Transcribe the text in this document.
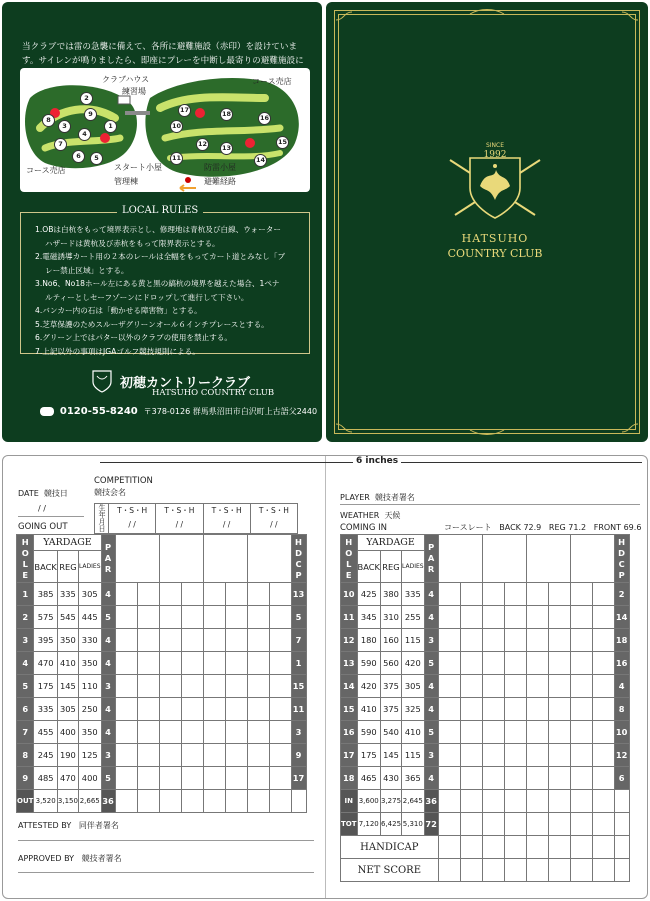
当クラブでは雷の急襲に備えて、各所に避難施設（赤印）を設けています。サイレンが鳴りましたら、即座にプレーを中断し最寄りの避難施設に
クラブハウス
練習場
コース売店
コース売店	スタート小屋
管理棟
防雷小屋
避難経路
1
2
3
4
5
6
7
8
9
10
11
12	13
14
15
16
17	18
1.OBは白杭をもって境界表示とし、修理地は青杭及び白線、ウォーター
ハザードは黄杭及び赤杭をもって限界表示とする。
2.電磁誘導カート用の２本のレールは全幅をもってカート道とみなし「ブ
レー禁止区域」とする。
3.No6、No18ホール左にある黄と黒の縞杭の境界を越えた場合、1ペナ
ルティーとしセーフゾーンにドロップして進行して下さい。
4.バンカー内の石は「動かせる障害物」とする。
5.芝草保護のためスルーザグリーンオール６インチプレースとする。
6.グリーン上ではパター以外のクラブの使用を禁止する。
7.上記以外の事項はJGAゴルフ競技規則による。
LOCAL RULES
初穂カントリークラブ
HATSUHO COUNTRY CLUB
0120-55-8240 〒378-0126 群馬県沼田市白沢町上古語父2440
SINCE
1992
HATSUHO
COUNTRY CLUB
6 inches
DATE 競技日
/ /
COMPETITION
競技会名
GOING OUT
PLAYER 競技者署名
WEATHER 天候
COMING IN	コースレート BACK 72.9 REG 71.2 FRONT 69.6
HOLE	YARDAGE			PAR									HDCP
	BACK	REG	LADIES										
1	385	335	305	4									13
2	575	545	445	5									5
3	395	350	330	4									7
4	470	410	350	4									1
5	175	145	110	3									15
6	335	305	250	4									11
7	455	400	350	4									3
8	245	190	125	3									9
9	485	470	400	5									17
OUT	3,520	3,150	2,665	36									
HOLE	YARDAGE			PAR									HDCP
	BACK	REG	LADIES										
10	425	380	335	4									2
11	345	310	255	4									14
12	180	160	115	3									18
13	590	560	420	5									16
14	420	375	305	4									4
15	410	375	325	4									8
16	590	540	410	5									10
17	175	145	115	3									12
18	465	430	365	4									6
IN	3,600	3,275	2,645	36									
TOT	7,120	6,425	5,310	72									
HANDICAP													
NET SCORE													
ATTESTED BY 同伴者署名
APPROVED BY 競技者署名
生年月日	T・S・H
/ /
T・S・H
/ /
T・S・H
/ /
T・S・H
/ /
